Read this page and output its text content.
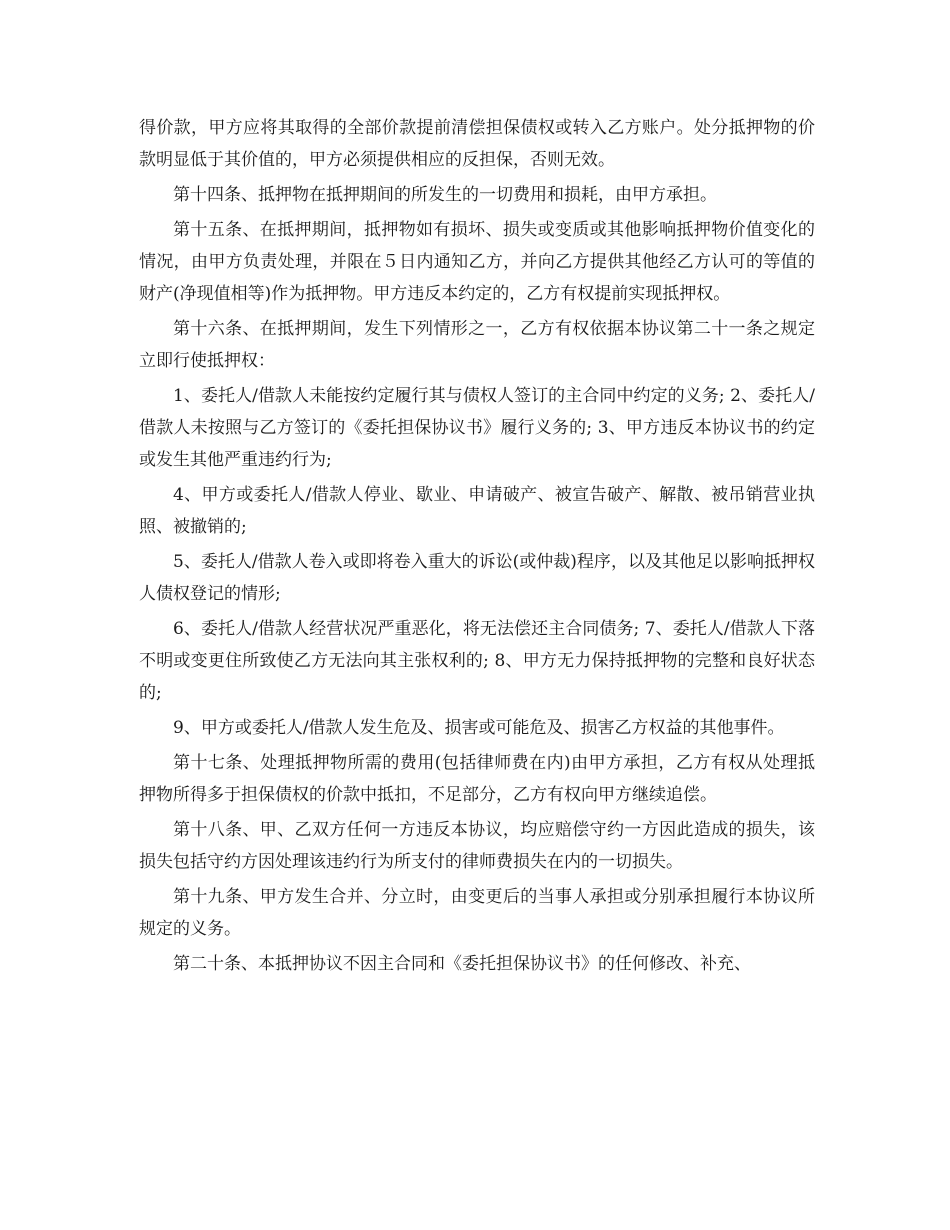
得价款，甲方应将其取得的全部价款提前清偿担保债权或转入乙方账户。处分抵押物的价款明显低于其价值的，甲方必须提供相应的反担保，否则无效。

第十四条、抵押物在抵押期间的所发生的一切费用和损耗，由甲方承担。

第十五条、在抵押期间，抵押物如有损坏、损失或变质或其他影响抵押物价值变化的情况，由甲方负责处理，并限在５日内通知乙方，并向乙方提供其他经乙方认可的等值的财产(净现值相等)作为抵押物。甲方违反本约定的，乙方有权提前实现抵押权。

第十六条、在抵押期间，发生下列情形之一，乙方有权依据本协议第二十一条之规定立即行使抵押权：

1、委托人/借款人未能按约定履行其与债权人签订的主合同中约定的义务; 2、委托人/借款人未按照与乙方签订的《委托担保协议书》履行义务的; 3、甲方违反本协议书的约定或发生其他严重违约行为;

4、甲方或委托人/借款人停业、歇业、申请破产、被宣告破产、解散、被吊销营业执照、被撤销的;

5、委托人/借款人卷入或即将卷入重大的诉讼(或仲裁)程序，以及其他足以影响抵押权人债权登记的情形;

6、委托人/借款人经营状况严重恶化，将无法偿还主合同债务; 7、委托人/借款人下落不明或变更住所致使乙方无法向其主张权利的; 8、甲方无力保持抵押物的完整和良好状态的;

9、甲方或委托人/借款人发生危及、损害或可能危及、损害乙方权益的其他事件。

第十七条、处理抵押物所需的费用(包括律师费在内)由甲方承担，乙方有权从处理抵押物所得多于担保债权的价款中抵扣，不足部分，乙方有权向甲方继续追偿。

第十八条、甲、乙双方任何一方违反本协议，均应赔偿守约一方因此造成的损失，该损失包括守约方因处理该违约行为所支付的律师费损失在内的一切损失。

第十九条、甲方发生合并、分立时，由变更后的当事人承担或分别承担履行本协议所规定的义务。

第二十条、本抵押协议不因主合同和《委托担保协议书》的任何修改、补充、
